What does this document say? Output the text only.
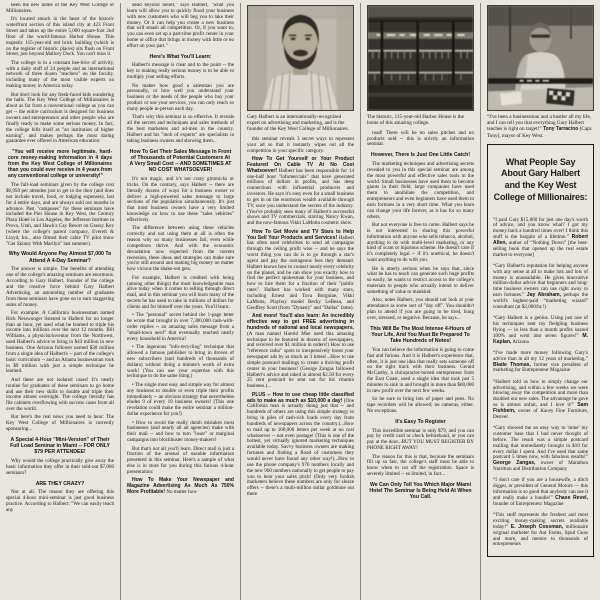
been the new home of the Key West College of Millionaires.

It's located smack in the heart of the historic waterfront section of this island city at 423 Front Street and takes up the entire 5,000 square-foot 2nd floor of the world-famous Harbor House. This majestic 115-year-old red brick building (which is on the register of historic places) sits flush on Front Street, just beyond Mallory Dock. You can't miss it.

The college is in a constant bee-hive of activity, with a daily staff of 24 people and an international network of three dozen "teachers" on the faculty, including many of the most visible experts on making money in America today.

But don't look for any fresh-faced kids wandering the halls. The Key West College of Millionaires is about as far from a conventional college as you can get -- the entire curriculum is designed for business owners and entrepreneurs and other people who are finally ready to make some serious money. In fact, the college bills itself as "an institution of higher earning", and makes perhaps the most daring guarantee ever offered in American education:

"You will receive more legitimate, hard-core money-making information in 4 days from the Key West College of Millionaires than you could ever receive in 4 years from any conventional college or university!"

The full-load seminars given by the college cost $6,950 per attendee just to get in the door (and does not include travel, food, or lodging expenses), last for 4 entire days, and are always sold out months in advance. Past "campuses" for these seminars have included the Pier House in Key West, the Century Plaza Hotel in Los Angeles, the Jefferson Institute in Provo, Utah, and Hawk's Cay Resort on Grassy Key (where the college's parent company, Everett & Lloyd, Inc., also filmed their cable TV pilot show "Get Skinny With Marilyn" last summer).

Why Would Anyone Pay Almost $7,000 To Attend A 4-Day Seminar?

The answer is simple. The benefits of attending one of the college's amazing seminars are enormous. According to Gary Halbert, founder of the college and the creative force behind Gary Halbert Advertising, an astounding number of graduates from these seminars have gone on to earn staggering sums of money.

For example: A California businessman named Rick Neiswonger listened to Halbert for no longer than an hour, yet used what he learned to triple his income into millions over the next 12 months. Bill Williams, a physicist/inventor from the Northwest, used Halbert's advice to bring in $43 million in new business. One Arizona follower earned $30 million from a single idea of Halbert's -- part of the college's basic curriculum -- and an Atlanta businessman took in $9 million with just a simple technique he learned.

And these are not isolated cases! It's nearly routine for graduates of these seminars to go home and use their new skills to double and triple their income almost overnight. The college literally has file cabinets overflowing with success cases from all over the world.

But here's the real news you need to hear: The Key West College of Millionaires is currently sponsoring...

A Special 4-Hour "Mini-Version" of Their Full Load Seminar in Miami -- FOR ONLY $79 PER ATTENDEE!

Why would the college practically give away the basic information they offer in their sold-out $7,000 seminars?

ARE THEY CRAZY?

Not at all. The reason they are offering this special 4-hour mini-seminar is just good business practice. According to Halbert: "We can easily teach any

dead beyond belief," says Halbert, "what you learn will allow you to quickly flood your business with new customers who will beg you to take their money. Or it can help you create a new business that will smash all competition. Or, if you want to, you can even set up a part-time profit center in your home or office that brings in money with little or no effort on your part."

Here's What You'll Learn:

Halbert's message is clear and to the point -- the key to making really serious money is to be able to multiply your selling efforts.

No matter how good a salesman you are personally, or how well you understand your business or the needs of the people who buy your product or use your services, you can only reach so many people in-person each day.

That's why this seminar is so effective. It reveals all the secrets and techniques and sales methods of the best marketers and ad-men in the country. Halbert and his "mob of experts" are specialists in taking business owners and showing them...

How To Get Their Sales Message In Front of Thousands of Potential Customers At A Very Small Cost -- AND SOMETIMES AT NO COST WHATSOEVER!

It's not magic, and it's not crazy gimmicks or tricks. On the contrary, says Halbert -- there are literally dozens of ways for a business owner to deliver a high-powered sales message to large sections of the population simultaneously. It's just that most business owners have a very limited knowledge on how to use these "sales vehicles" effectively.

The difference between using these vehicles correctly and not using them at all is often the reason why so many businesses fail, even while competitors thrive. And with the economic devastation now expected from the current recession, these ideas and strategies can make sure you're still around and making big money no matter how vicious the shake-out gets.

For example, Halbert is credited with being (among other things) the most knowledgeable man alive today when it comes to selling through direct mail, and in this seminar you will learn many of the secrets he has used to rake in millions of dollars for clients and for himself over the years. You'll learn:

• The "personal" secret behind the 1-page letter he wrote that brought in over 7,300,000 cash-with-order replies -- an amazing sales message from a "small-town nerd" that eventually reached nearly every household in America!

• The ingenious "info-recycling" technique that allowed a famous publisher to bring in droves of new subscribers (and hundreds of thousands of dollars) without doing a minute's worth of extra work! (You can use your expertise with this technique to do the same thing.)

• The single most easy and simple way for almost any business to double or even triple their profits immediately -- an obvious strategy that nevertheless eludes 9 of every 10 business owners! (This one revelation could make the entire seminar a million-dollar experience for you!)

• How to avoid the really dumb mistakes most businesses (and nearly all ad agencies) make with their mail -- and how to turn "loser" or marginal campaigns into blockbuster money-makers!

But that's not all you'll learn. Direct mail is just a fraction of the arsenal of useable information presented in this seminar. Here's a sample of what else is in store for you during this furious 4-hour presentation:

How To Make Your Newspaper and Magazine Advertising As Much As 750% More Profitable! No matter how

Gary Halbert is an internationally-recognized expert on advertising and marketing, and is the founder of the Key West College of Millionaires.

this seminar reveals 3 secret ways to represent your ad so that it instantly wipes out all the competition in your specific category.

How To Get Yourself or Your Product Featured On Cable TV At No Cost Whatsoever! Halbert has been responsible for 14 one-half hour "infomercials" that have generated millions of dollars in profits, and has deep connections with influential producers and investors. He says it's easy even for a small business to get in on the enormous wealth available through TV, once you understand the secrets of the industry. (You've probably seen many of Halbert's successful shows and TV commercials, starring Nancy Kwan, and the now-famous Vikki LaMotta cosmetic show.

How To Get Movie and TV Stars to Help You Sell Your Products and Services! Halbert has often used celebrities to send ad campaigns through the ceiling profit wise -- and he says the worst thing you can do is to go through a star's agent and pay the outrageous fees they demand. Halbert knows how to contact nearly every celebrity on the planet, and he can show you exactly how to find the perfect spokesman for your business, and how to hire them for a fraction of their "public rates". Halbert has worked with many stars, including Ernest and Tova Borgnine, Vikki LaMotta, Playboy model Becky LeBeau, and Geoffrey Scott (from "Dynasty" and "Dallas" fame).

And more! You'll also learn: An incredibly effective way to get FREE advertising in hundreds of national and local newspapers. (A man named Harold Moe used this amazing technique to be featured in dozens of newspapers, and received over $1 million in orders!) How to use "reference radio" spots to inexpensively boost your newspaper ads by as much as 3 times!...How to use simple postcard mailings to create a thriving profit center in your business! (George Zangas followed Halbert's advice and raked in almost $2.50 for every 25 cent postcard he sent out for his vitamin business.)...

PLUS -- How to use cheap little classified ads to make as much as $10,000 a day! (One California man is actually doing just that -- and hundreds of others are using this simple strategy to bring in piles of cash-rich loads every day from hundreds of newspapers across the country.)...How to mail up to 100,000 letters per week at no cost whatsoever -- not even postage! (This is one of the hottest, yet virtually ignored marketing techniques available today. Savvy business owners are making fortunes and finding a flood of customers they would never have found any other way!)...How to use the phone company's 976 numbers locally and the new 900 numbers nationally to get people to pay you to hear your sales pitch! (Only very foolish marketers believe these numbers are only for sleaze offers -- there's a multi-million dollar goldmine out there

The historic, 115-year-old Harbor House is the home of this amazing college.

road! There will be no sales pitches and no products sold -- this is strictly an information seminar.

However, There Is Just One Little Catch!

The marketing techniques and advertising secrets revealed to you in this special seminar are among the most powerful and effective sales tools in the world. Small businesses have used them to become giants in their field, large companies have used them to annihilate the competition, and entrepreneurs and even beginners have used them to earn fortunes in a very short time. What you learn can change your life forever, as it has for so many others.

But not everyone is free to come. Halbert says he is not interested in sharing this powerful information with anyone who sells tobacco, alcohol, anything to do with multi-level marketing, or any kind of scam or injurious scheme. He doesn't care if it's completely legal -- if it's unethical, he doesn't want anything to do with you.

He is utterly serious when he says that, since what he has to teach can generate such huge profits so easily, he wants to restrict access to the college's materials to people who actually intend to deliver something of value to mankind.

Also, notes Halbert, you should not look at your attendance as some sort of "day off". You shouldn't plan to attend if you are going to be tired, hung over, stressed, or negative. Because, he says...

This Will Be The Most Intense 4-Hours of Your Life, And You Must Be Prepared To Take Hundreds of Notes!

You can believe the information is going to come fast and furious. And it is Halbert's experience that, often, it is just one idea that really sets someone off on the right track with their business. Gerald McCarthy, a chiropractor-turned entrepreneur from the East Coast, used a single idea that took just 5 minutes to sink in and brought in more than $60,000 in new profit over the next few weeks.

So be sure to bring lots of paper and pens. No tape recorders will be allowed; no cameras, either. No exceptions.

It's Easy To Register

This incredible seminar is only $79, and you can pay by credit card or check beforehand, or you can pay at the door...BUT YOU MUST REGISTER BY PHONE RIGHT AWAY!

The reason for this is that, because the seminars fill up so fast, the college's staff must be able to know when to cut off the registration. Space is severely limited -- so limited, in fact...

We Can Only Tell You Which Major Miami Hotel The Seminar Is Being Held At When You Call.

“I've been a businessman and a hustler all my life, and I can tell you that everything Gary Halbert teaches is right on target!” Tony Tarracino (Capt. Tony), mayor of Key West.

What People Say About Gary Halbert and the Key West College of Millionaires:

“I paid Gary $15,000 for just one day's worth of advice, and you know what? I got my money back a hundred times over! I think this stuff is the bargain of a lifetime.” Robert Allen, author of “Nothing Down” [the best-selling book that opened up the real estate market to everyone]

“Gary Halbert's reputation for helping anyone with any sense at all to make lots and lots of money is unassailable. He gives innovative million-dollar advice that beginners and long-time business owners can use right away to earn fortunes.” Jay Abraham, perhaps the world's highest-paid “marketing wizard” consultant (at $2,000/hr.!)

“Gary Halbert is a genius. Using just one of his techniques sent my fledgling business flying — in less than a month profits soared 100% and went into seven figures!” M. Kaplan, Arizona

“I've made more money following Gary's advice than in all my 12 years of marketing.” Blade Thomas, former vice president of marketing for Entrepreneur Magazine

“Halbert told us how to simply change our advertising, and within a few weeks we were blowing away the competition and more than doubled our new sales. The advantage he gave us is almost unfair, and I love it!” Sam Fishbein, owner of Kacey Fine Furniture, Denver.

“Gary showed me an easy way to 'mine' my customer base that I had never thought of before. The result was a simple postcard mailing that immediately brought in $10 for every dollar I spent. And I've used that same postcard 5 times now, with fabulous results!” George Zangas, owner of Marathon Nutrition and Distribution Company

“I don't care if you are a housewife, a ditch digger, or president of General Motors — this information is so good that anybody can use it and really make a bundle!” Chase Revel, founder of Entrepreneur Magazine

“This stuff represents the freshest and most exciting money-making secrets available today!” E. Joseph Cossman, millionaire original marketer for Ant Farms, Spud Guns and more, and mentor to thousands of entrepreneurs
